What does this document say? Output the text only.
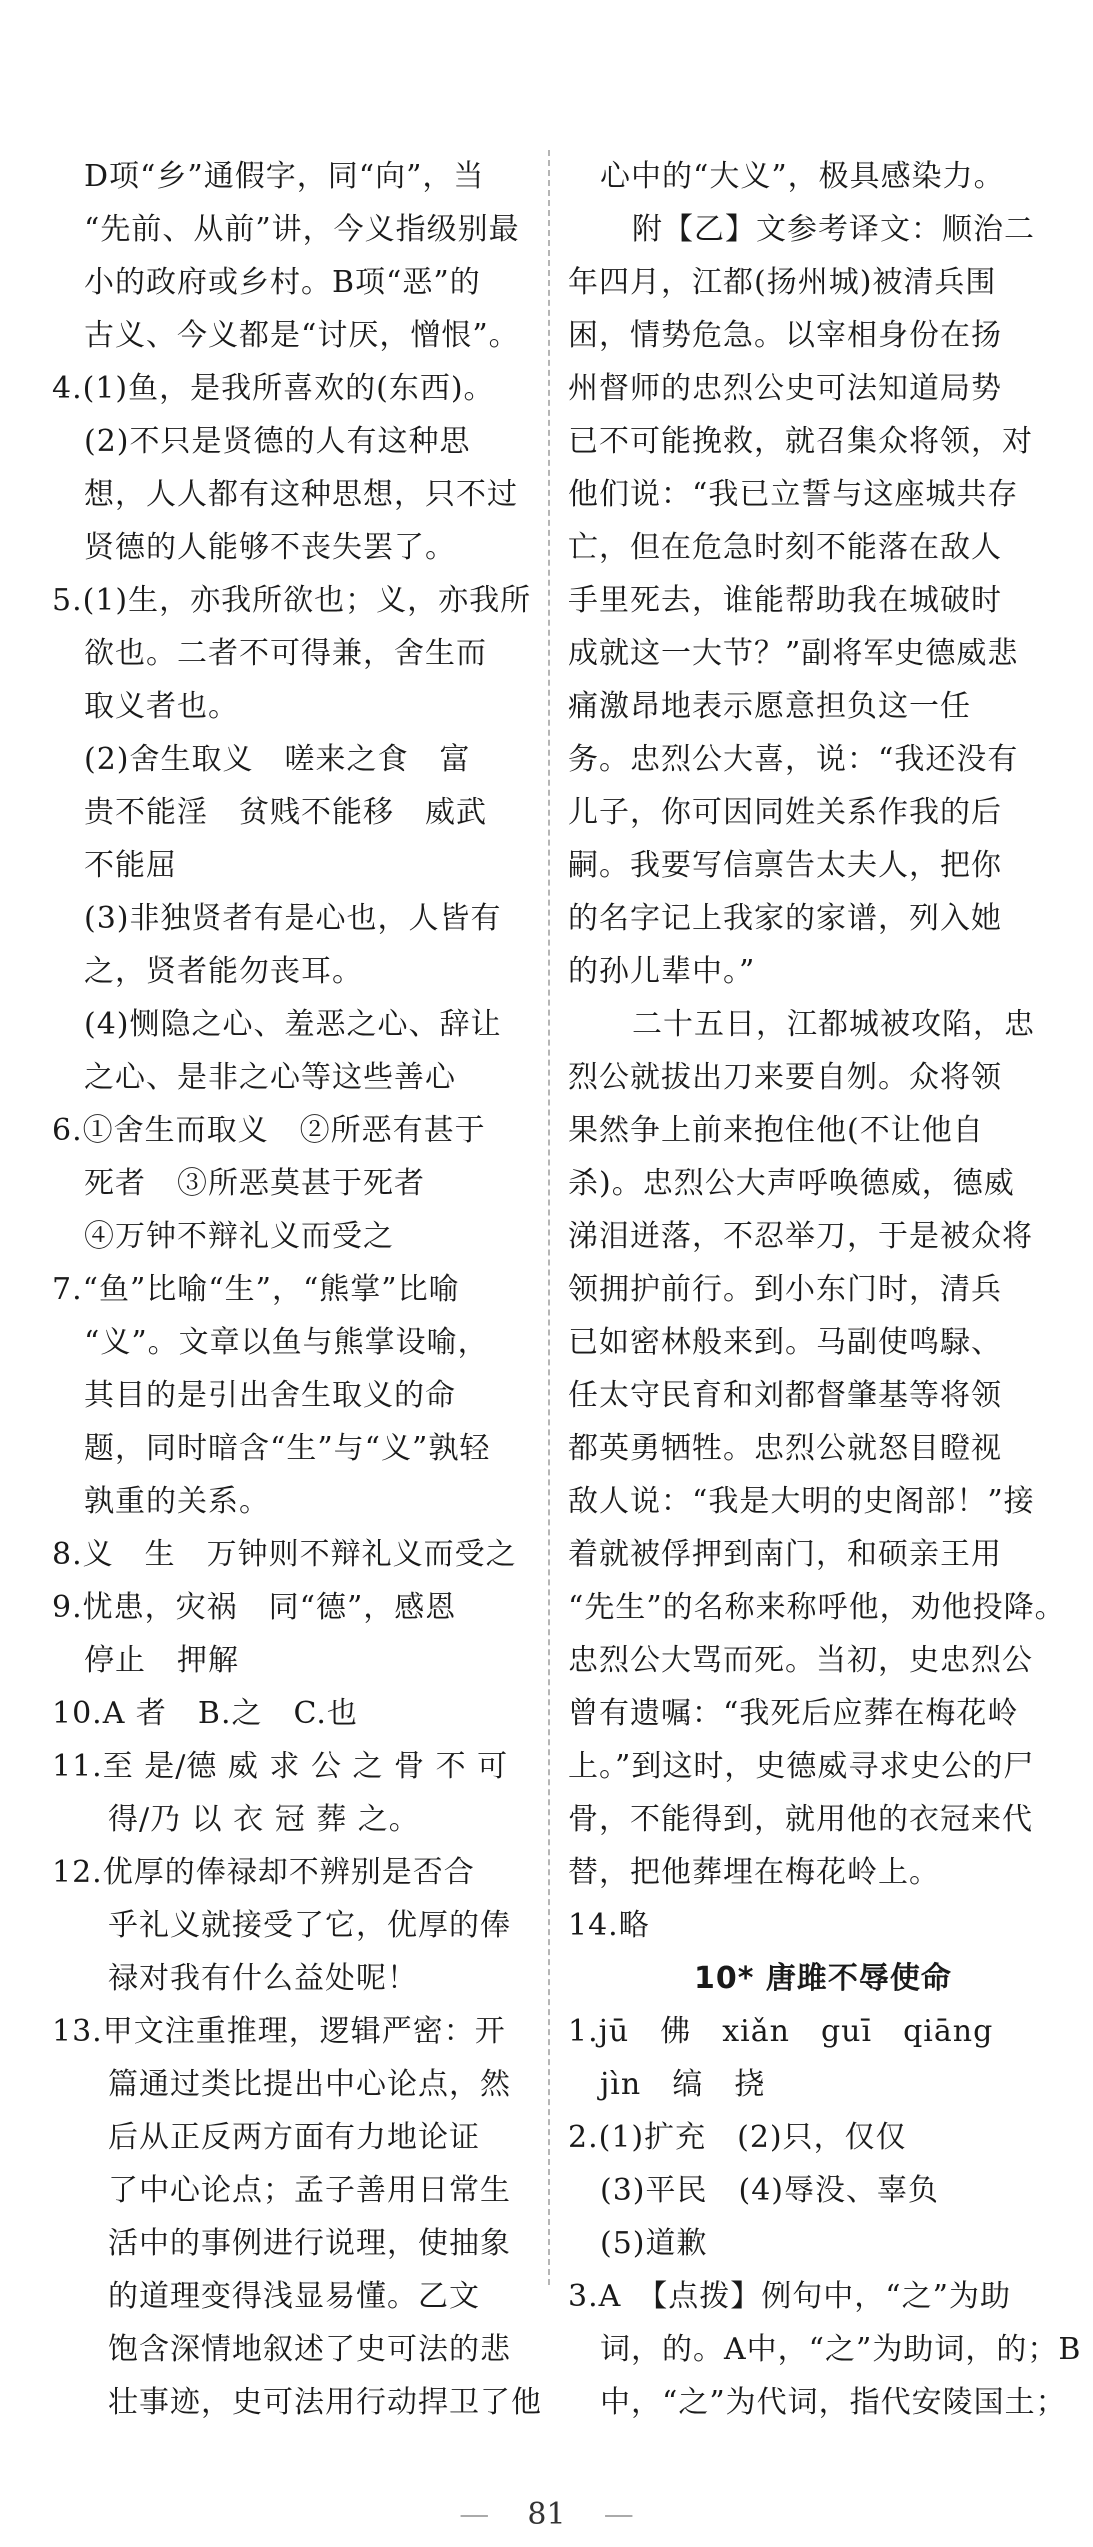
D项“乡”通假字，同“向”，当
“先前、从前”讲，今义指级别最
小的政府或乡村。B项“恶”的
古义、今义都是“讨厌，憎恨”。
4.(1)鱼，是我所喜欢的(东西)。
(2)不只是贤德的人有这种思
想，人人都有这种思想，只不过
贤德的人能够不丧失罢了。
5.(1)生，亦我所欲也；义，亦我所
欲也。二者不可得兼，舍生而
取义者也。
(2)舍生取义　嗟来之食　富
贵不能淫　贫贱不能移　威武
不能屈
(3)非独贤者有是心也，人皆有
之，贤者能勿丧耳。
(4)恻隐之心、羞恶之心、辞让
之心、是非之心等这些善心
6.①舍生而取义　②所恶有甚于
死者　③所恶莫甚于死者
④万钟不辩礼义而受之
7.“鱼”比喻“生”，“熊掌”比喻
“义”。文章以鱼与熊掌设喻，
其目的是引出舍生取义的命
题，同时暗含“生”与“义”孰轻
孰重的关系。
8.义　生　万钟则不辩礼义而受之
9.忧患，灾祸　同“德”，感恩
停止　押解
10.A 者　B.之　C.也
11.至 是/德 威 求 公 之 骨 不 可
得/乃 以 衣 冠 葬 之。
12.优厚的俸禄却不辨别是否合
乎礼义就接受了它，优厚的俸
禄对我有什么益处呢！
13.甲文注重推理，逻辑严密：开
篇通过类比提出中心论点，然
后从正反两方面有力地论证
了中心论点；孟子善用日常生
活中的事例进行说理，使抽象
的道理变得浅显易懂。乙文
饱含深情地叙述了史可法的悲
壮事迹，史可法用行动捍卫了他
心中的“大义”，极具感染力。
附【乙】文参考译文：顺治二
年四月，江都(扬州城)被清兵围
困，情势危急。以宰相身份在扬
州督师的忠烈公史可法知道局势
已不可能挽救，就召集众将领，对
他们说：“我已立誓与这座城共存
亡，但在危急时刻不能落在敌人
手里死去，谁能帮助我在城破时
成就这一大节？”副将军史德威悲
痛激昂地表示愿意担负这一任
务。忠烈公大喜，说：“我还没有
儿子，你可因同姓关系作我的后
嗣。我要写信禀告太夫人，把你
的名字记上我家的家谱，列入她
的孙儿辈中。”
二十五日，江都城被攻陷，忠
烈公就拔出刀来要自刎。众将领
果然争上前来抱住他(不让他自
杀)。忠烈公大声呼唤德威，德威
涕泪迸落，不忍举刀，于是被众将
领拥护前行。到小东门时，清兵
已如密林般来到。马副使鸣騄、
任太守民育和刘都督肇基等将领
都英勇牺牲。忠烈公就怒目瞪视
敌人说：“我是大明的史阁部！”接
着就被俘押到南门，和硕亲王用
“先生”的名称来称呼他，劝他投降。
忠烈公大骂而死。当初，史忠烈公
曾有遗嘱：“我死后应葬在梅花岭
上。”到这时，史德威寻求史公的尸
骨，不能得到，就用他的衣冠来代
替，把他葬埋在梅花岭上。
14.略
10* 唐雎不辱使命
1.jū　佛　xiǎn　guī　qiāng
jìn　缟　挠
2.(1)扩充　(2)只，仅仅
(3)平民　(4)辱没、辜负
(5)道歉
3.A　【点拨】例句中，“之”为助
词，的。A中，“之”为助词，的；B
中，“之”为代词，指代安陵国土；
— 81 —
